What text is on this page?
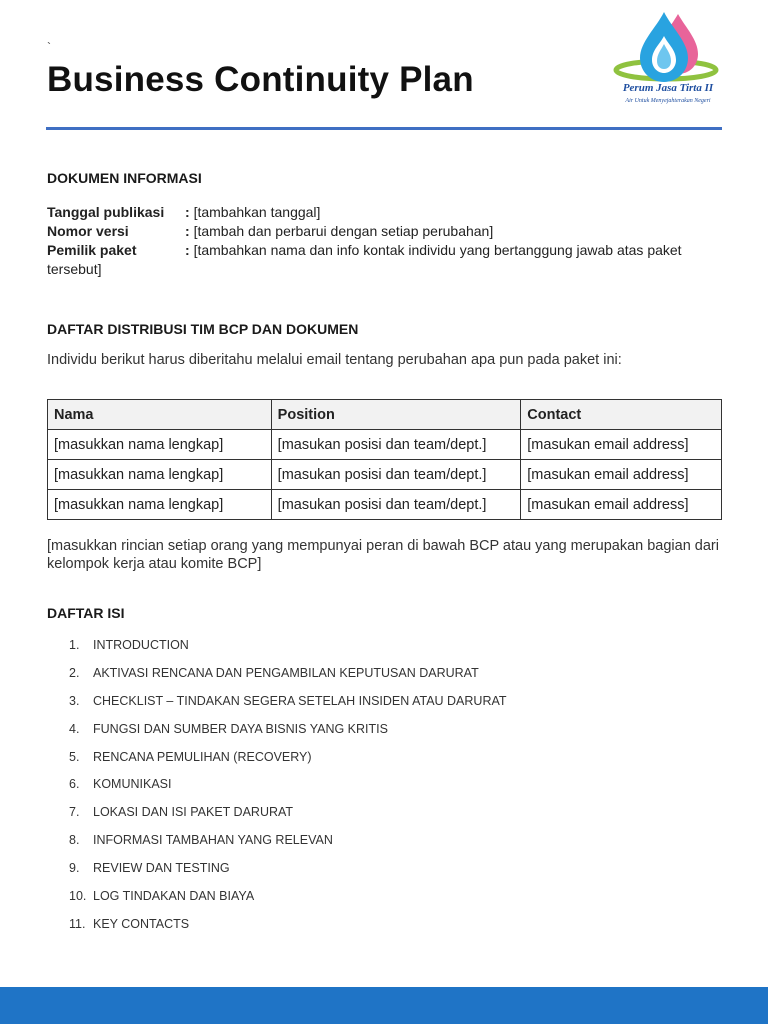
`
Business Continuity Plan	Perum Jasa Tirta II
Air Untuk Menyejahterakan Negeri
DOKUMEN INFORMASI
Tanggal publikasi : [tambahkan tanggal]
Nomor versi	: [tambah dan perbarui dengan setiap perubahan]
Pemilik paket	: [tambahkan nama dan info kontak individu yang bertanggung jawab atas paket tersebut]
DAFTAR DISTRIBUSI TIM BCP DAN DOKUMEN
Individu berikut harus diberitahu melalui email tentang perubahan apa pun pada paket ini:
Nama	Position	Contact
[masukkan nama lengkap]	[masukan posisi dan team/dept.]	[masukan email address]
[masukkan nama lengkap]	[masukan posisi dan team/dept.]	[masukan email address]
[masukkan nama lengkap]	[masukan posisi dan team/dept.]	[masukan email address]
[masukkan rincian setiap orang yang mempunyai peran di bawah BCP atau yang merupakan bagian dari kelompok kerja atau komite BCP]
DAFTAR ISI
1. INTRODUCTION
2. AKTIVASI RENCANA DAN PENGAMBILAN KEPUTUSAN DARURAT
3. CHECKLIST – TINDAKAN SEGERA SETELAH INSIDEN ATAU DARURAT
4. FUNGSI DAN SUMBER DAYA BISNIS YANG KRITIS
5. RENCANA PEMULIHAN (RECOVERY)
6. KOMUNIKASI
7. LOKASI DAN ISI PAKET DARURAT
8. INFORMASI TAMBAHAN YANG RELEVAN
9. REVIEW DAN TESTING
10. LOG TINDAKAN DAN BIAYA
11. KEY CONTACTS
